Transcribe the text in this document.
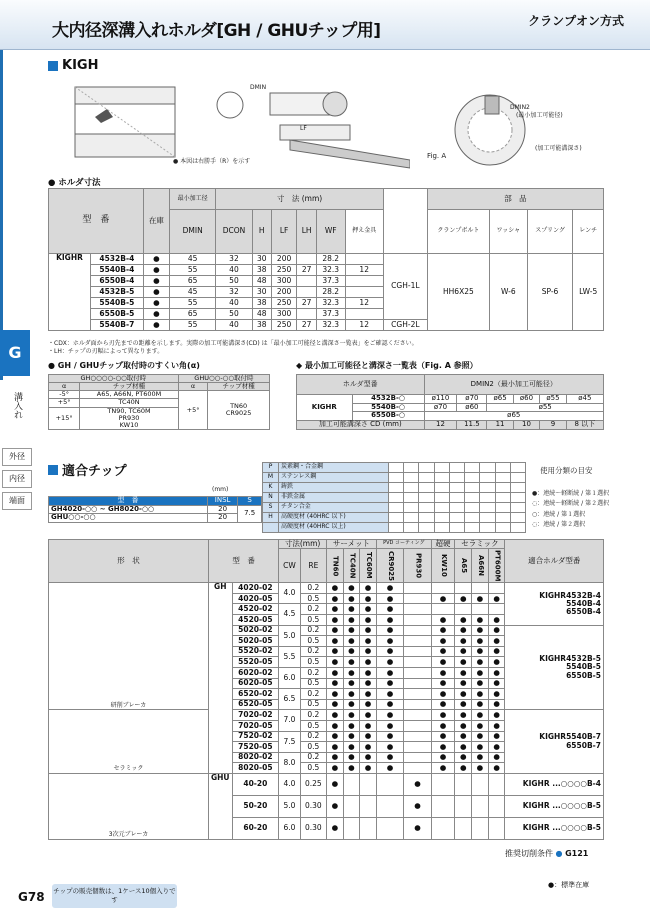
大内径深溝入れホルダ[GH / GHUチップ用]	クランプオン方式
KIGH
DMIN
LF
● 本図は右勝手（R）を示す
DMIN2
(最小加工可能径)
(加工可能溝深さ)
Fig. A
● ホルダ寸法
型　番		在庫	最小加工径	寸　法 (mm)							部　品			
			DMIN	DCON	H	LF	LH	WF	押え金具		クランプボルト	ワッシャ	スプリング	レンチ
KIGHR	4532B-4	●	45	32	30	200		28.2		CGH-1L	HH6X25	W-6	SP-6	LW-5
	5540B-4	●	55	40	38	250	27	32.3	12					
	6550B-4	●	65	50	48	300		37.3						
	4532B-5	●	45	32	30	200		28.2						
	5540B-5	●	55	40	38	250	27	32.3	12					
	6550B-5	●	65	50	48	300		37.3						
	5540B-7	●	55	40	38	250	27	32.3	12	CGH-2L				
・CDX：ホルダ面から刃先までの距離を示します。実際の加工可能溝深さ(CD) は「最小加工可能径と溝深さ一覧表」をご確認ください。
・LH：チップの刃幅によって異なります。
● GH / GHUチップ取付時のすくい角(α)
GH○○○○-○○取付時		GHU○○-○○取付時	
α	チップ材種	α	チップ材種
-5°	A65, A66N, PT600M	+5°	TN60
CR9025
+5°	TC40N		
+15°	TN90, TC60M
PR930
KW10		
◆ 最小加工可能径と溝深さ一覧表（Fig. A 参照）
ホルダ型番		DMIN2（最小加工可能径）					
KIGHR	4532B-○	ø110	ø70	ø65	ø60	ø55	ø45
	5540B-○	ø70	ø60	ø55			
	6550B-○	ø65					
加工可能溝深さ CD (mm)		12	11.5	11	10	9	8 以下
G
溝入れ
外径
内径
端面
適合チップ
(mm)
型　番	INSL	S
GH4020-○○ ~ GH8020-○○	20	7.5
GHU○○-○○	20	
P	炭素鋼・合金鋼									
M	ステンレス鋼									
K	鋳鉄									
N	非鉄金属									
S	チタン合金									
H	高硬度材 (40HRC 以下)									
	高硬度材 (40HRC 以上)									
使用分類の目安
●：連続～軽断続 / 第１選択
◌：連続～軽断続 / 第２選択
○：連続 / 第１選択
◌：連続 / 第２選択
形　状	型　番		寸法(mm)		サーメット			PVD コーティング		超硬	セラミック			適合ホルダ型番
			CW	RE	TN60	TC40N	TC60M	CR9025	PR930	KW10	A65	A66N	PT600M	
研削ブレーカ	GH	4020-02	4.0	0.2	●	●	●	●						KIGHR4532B-4
5540B-4
6550B-4

		4020-05		0.5	●	●	●	●		●	●	●	●	
		4520-02	4.5	0.2	●	●	●	●						
		4520-05		0.5	●	●	●	●		●	●	●	●	
		5020-02	5.0	0.2	●	●	●	●		●	●	●	●	KIGHR4532B-5
5540B-5
6550B-5

		5020-05		0.5	●	●	●	●		●	●	●	●	
		5520-02	5.5	0.2	●	●	●	●		●	●	●	●	
		5520-05		0.5	●	●	●	●		●	●	●	●	
		6020-02	6.0	0.2	●	●	●	●		●	●	●	●	
		6020-05		0.5	●	●	●	●		●	●	●	●	
		6520-02	6.5	0.2	●	●	●	●		●	●	●	●	
		6520-05		0.5	●	●	●	●		●	●	●	●	
セラミック		7020-02	7.0	0.2	●	●	●	●		●	●	●	●	KIGHR5540B-7
6550B-7

		7020-05		0.5	●	●	●	●		●	●	●	●	
		7520-02	7.5	0.2	●	●	●	●		●	●	●	●	
		7520-05		0.5	●	●	●	●		●	●	●	●	
		8020-02	8.0	0.2	●	●	●	●		●	●	●	●	
		8020-05		0.5	●	●	●	●		●	●	●	●	
3次元ブレーカ	GHU	40-20	4.0	0.25	●				●					KIGHR ...○○○○B-4
		50-20	5.0	0.30	●				●					KIGHR ...○○○○B-5
		60-20	6.0	0.30	●				●					KIGHR ...○○○○B-5
推奨切削条件 ● G121
G78 チップの販売個数は、1ケース10個入りです
●：標準在庫
